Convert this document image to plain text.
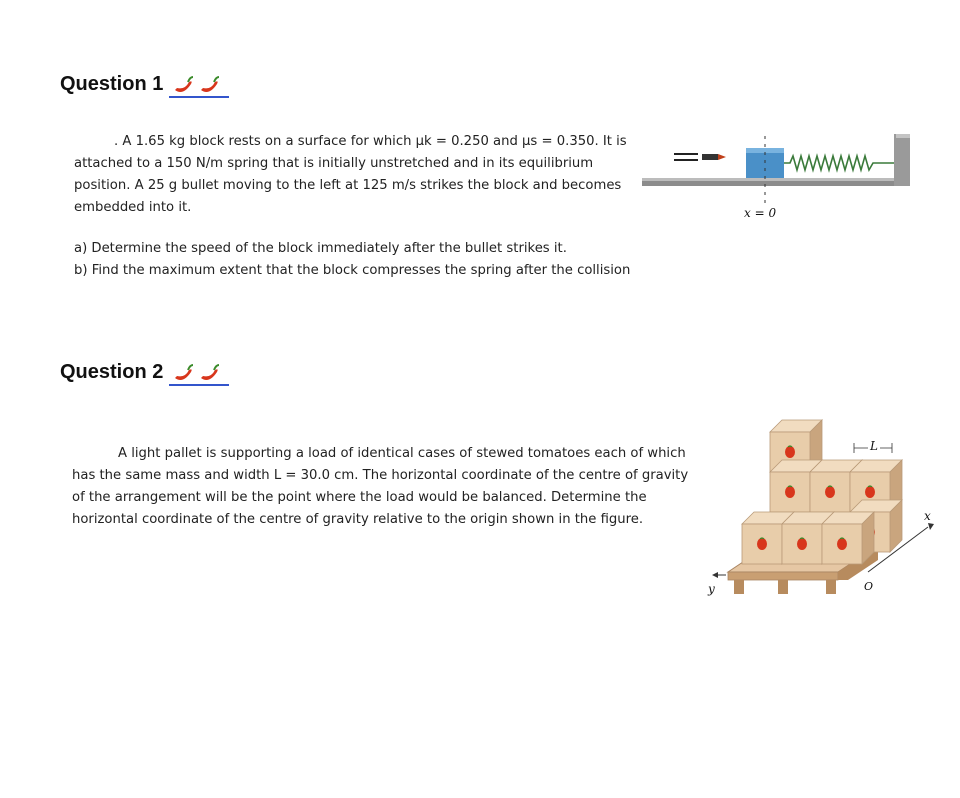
Question 1

. A 1.65 kg block rests on a surface for which μk = 0.250 and μs = 0.350. It is attached to a 150 N/m spring that is initially unstretched and in its equilibrium position. A 25 g bullet moving to the left at 125 m/s strikes the block and becomes embedded into it.

a) Determine the speed of the block immediately after the bullet strikes it.

b) Find the maximum extent that the block compresses the spring after the collision

x = 0
Question 2

A light pallet is supporting a load of identical cases of stewed tomatoes each of which has the same mass and width L = 30.0 cm. The horizontal coordinate of the centre of gravity of the arrangement will be the point where the load would be balanced. Determine the horizontal coordinate of the centre of gravity relative to the origin shown in the figure.

L
x
y	O
